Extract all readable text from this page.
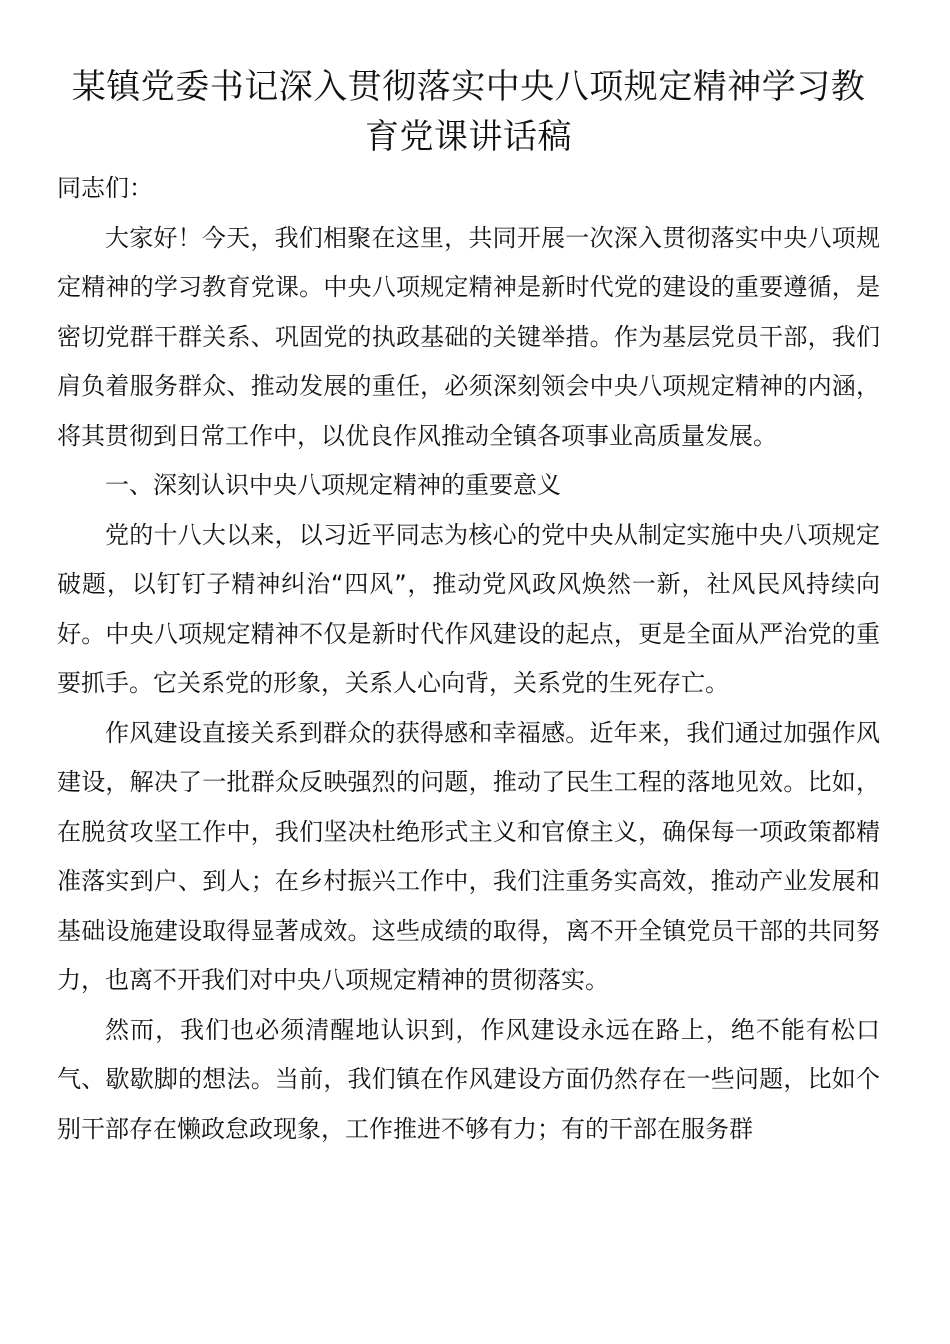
某镇党委书记深入贯彻落实中央八项规定精神学习教育党课讲话稿

同志们：

大家好！今天，我们相聚在这里，共同开展一次深入贯彻落实中央八项规定精神的学习教育党课。中央八项规定精神是新时代党的建设的重要遵循，是密切党群干群关系、巩固党的执政基础的关键举措。作为基层党员干部，我们肩负着服务群众、推动发展的重任，必须深刻领会中央八项规定精神的内涵，将其贯彻到日常工作中，以优良作风推动全镇各项事业高质量发展。

一、深刻认识中央八项规定精神的重要意义

党的十八大以来，以习近平同志为核心的党中央从制定实施中央八项规定破题，以钉钉子精神纠治“四风”，推动党风政风焕然一新，社风民风持续向好。中央八项规定精神不仅是新时代作风建设的起点，更是全面从严治党的重要抓手。它关系党的形象，关系人心向背，关系党的生死存亡。

作风建设直接关系到群众的获得感和幸福感。近年来，我们通过加强作风建设，解决了一批群众反映强烈的问题，推动了民生工程的落地见效。比如，在脱贫攻坚工作中，我们坚决杜绝形式主义和官僚主义，确保每一项政策都精准落实到户、到人；在乡村振兴工作中，我们注重务实高效，推动产业发展和基础设施建设取得显著成效。这些成绩的取得，离不开全镇党员干部的共同努力，也离不开我们对中央八项规定精神的贯彻落实。

然而，我们也必须清醒地认识到，作风建设永远在路上，绝不能有松口气、歇歇脚的想法。当前，我们镇在作风建设方面仍然存在一些问题，比如个别干部存在懒政怠政现象，工作推进不够有力；有的干部在服务群
